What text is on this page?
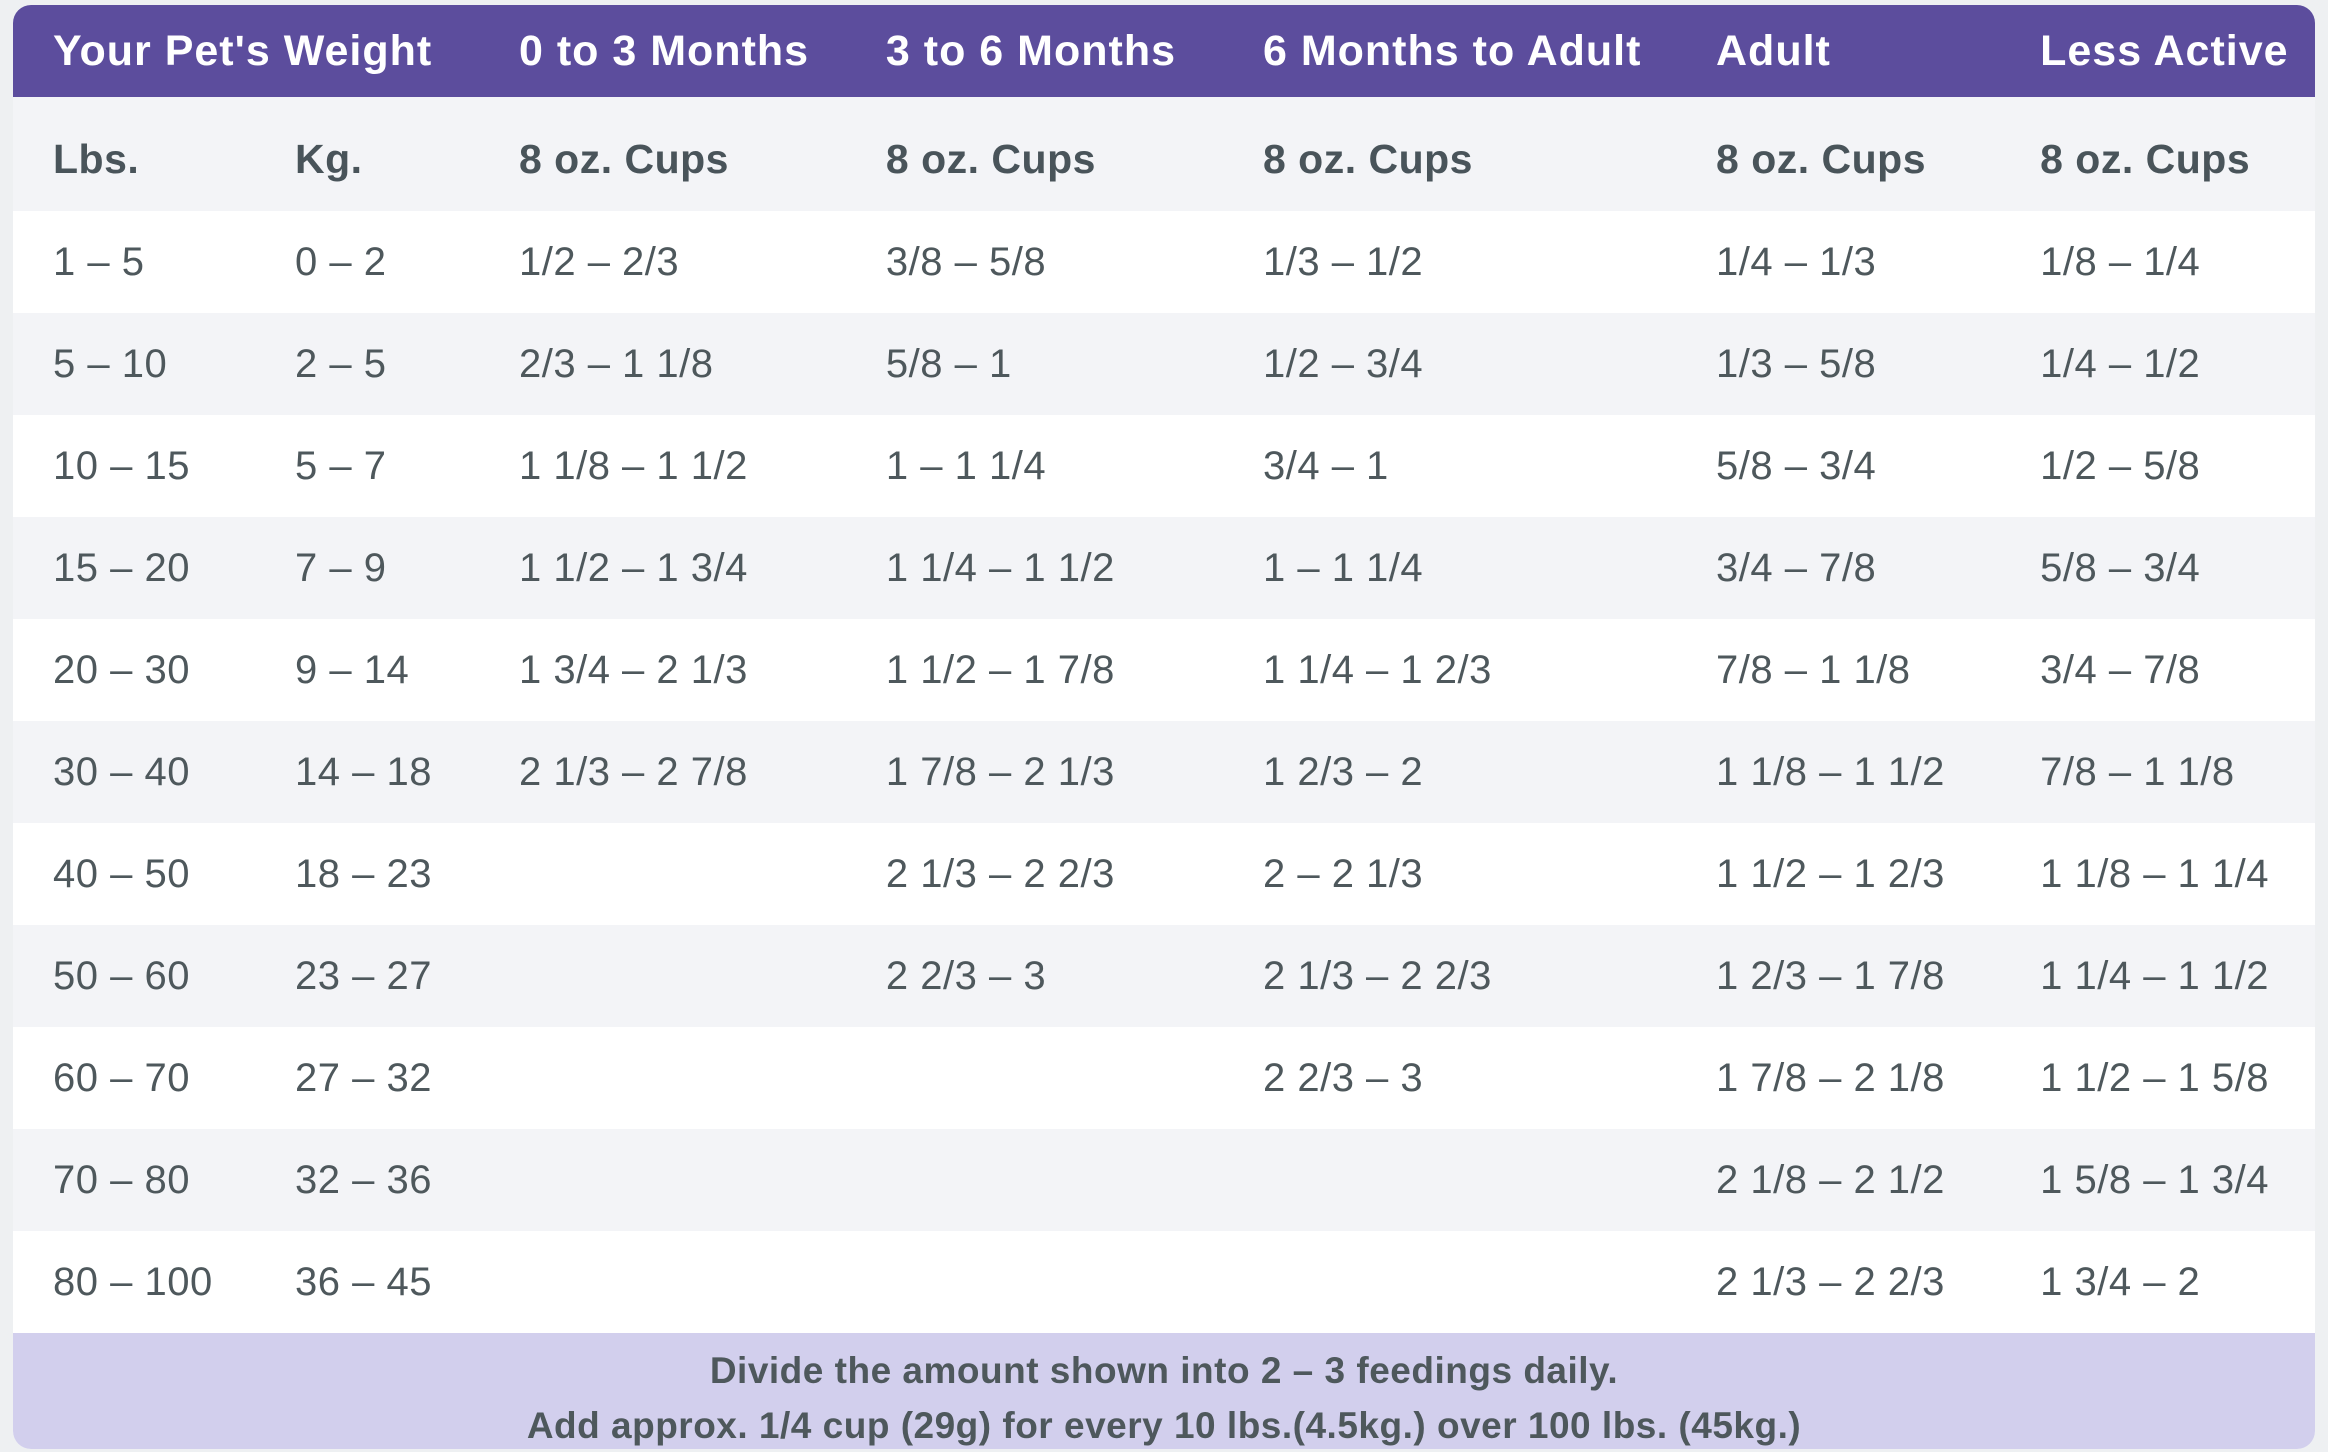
Your Pet's Weight		0 to 3 Months	3 to 6 Months	6 Months to Adult	Adult	Less Active
Lbs.	Kg.	8 oz. Cups	8 oz. Cups	8 oz. Cups	8 oz. Cups	8 oz. Cups
1 – 5	0 – 2	1/2 – 2/3	3/8 – 5/8	1/3 – 1/2	1/4 – 1/3	1/8 – 1/4
5 – 10	2 – 5	2/3 – 1 1/8	5/8 – 1	1/2 – 3/4	1/3 – 5/8	1/4 – 1/2
10 – 15	5 – 7	1 1/8 – 1 1/2	1 – 1 1/4	3/4 – 1	5/8 – 3/4	1/2 – 5/8
15 – 20	7 – 9	1 1/2 – 1 3/4	1 1/4 – 1 1/2	1 – 1 1/4	3/4 – 7/8	5/8 – 3/4
20 – 30	9 – 14	1 3/4 – 2 1/3	1 1/2 – 1 7/8	1 1/4 – 1 2/3	7/8 – 1 1/8	3/4 – 7/8
30 – 40	14 – 18	2 1/3 – 2 7/8	1 7/8 – 2 1/3	1 2/3 – 2	1 1/8 – 1 1/2	7/8 – 1 1/8
40 – 50	18 – 23		2 1/3 – 2 2/3	2 – 2 1/3	1 1/2 – 1 2/3	1 1/8 – 1 1/4
50 – 60	23 – 27		2 2/3 – 3	2 1/3 – 2 2/3	1 2/3 – 1 7/8	1 1/4 – 1 1/2
60 – 70	27 – 32			2 2/3 – 3	1 7/8 – 2 1/8	1 1/2 – 1 5/8
70 – 80	32 – 36				2 1/8 – 2 1/2	1 5/8 – 1 3/4
80 – 100	36 – 45				2 1/3 – 2 2/3	1 3/4 – 2
Divide the amount shown into 2 – 3 feedings daily.
Add approx. 1/4 cup (29g) for every 10 lbs.(4.5kg.) over 100 lbs. (45kg.)
